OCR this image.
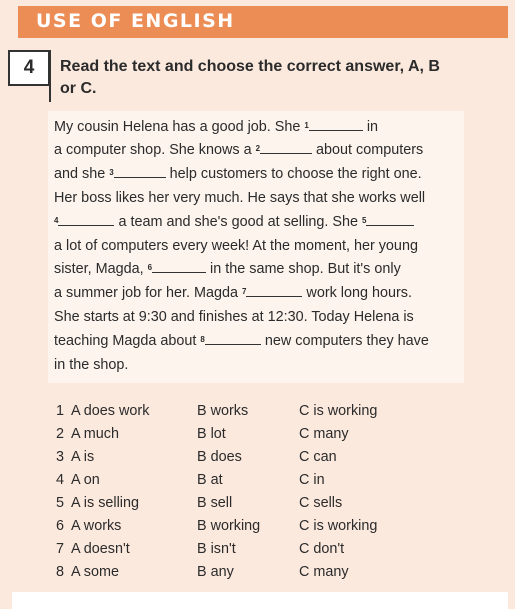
USE OF ENGLISH
4	Read the text and choose the correct answer, A, B or C.
My cousin Helena has a good job. She $^1$	in
a computer shop. She knows a $^2$	about computers
and she $^3$	help customers to choose the right one.
Her boss likes her very much. He says that she works well
$^4$	a team and she's good at selling. She $^5$
a lot of computers every week! At the moment, her young
sister, Magda, $^6$	in the same shop. But it's only
a summer job for her. Magda $^7$	work long hours.
She starts at 9:30 and finishes at 12:30. Today Helena is
teaching Magda about $^8$	new computers they have
in the shop.
1 A does work	B works	C is working
2 A much	B lot	C many
3 A is	B does	C can
4 A on	B at	C in
5 A is selling	B sell	C sells
6 A works	B working	C is working
7 A doesn't	B isn't	C don't
8 A some	B any	C many
